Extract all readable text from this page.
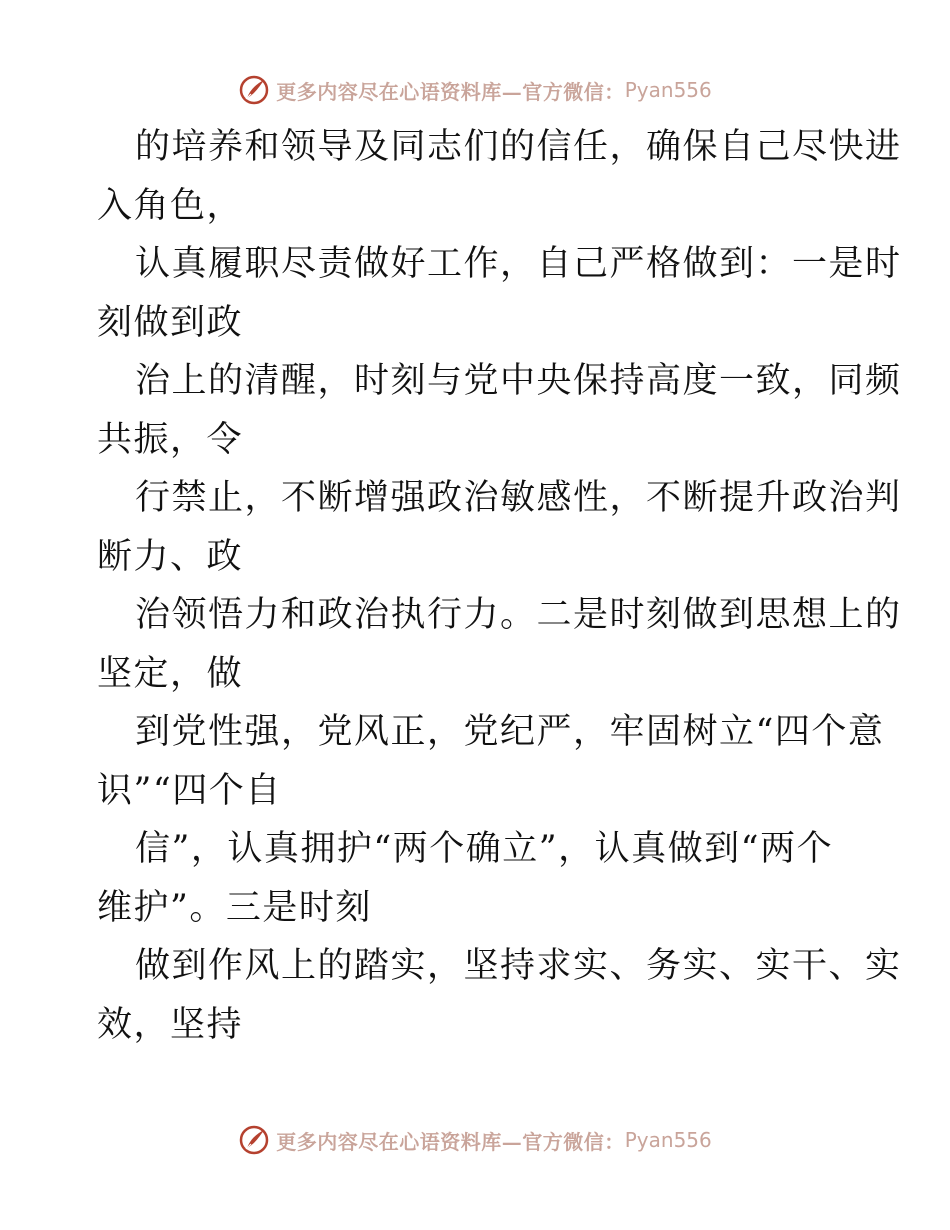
更多内容尽在心语资料库—官方微信： Pyan556
的培养和领导及同志们的信任，确保自己尽快进
入角色，
认真履职尽责做好工作，自己严格做到：一是时
刻做到政
治上的清醒，时刻与党中央保持高度一致，同频
共振，令
行禁止，不断增强政治敏感性，不断提升政治判
断力、政
治领悟力和政治执行力。二是时刻做到思想上的
坚定，做
到党性强，党风正，党纪严，牢固树立“四个意
识”“四个自
信”，认真拥护“两个确立”，认真做到“两个
维护”。三是时刻
做到作风上的踏实，坚持求实、务实、实干、实
效，坚持
更多内容尽在心语资料库—官方微信： Pyan556
